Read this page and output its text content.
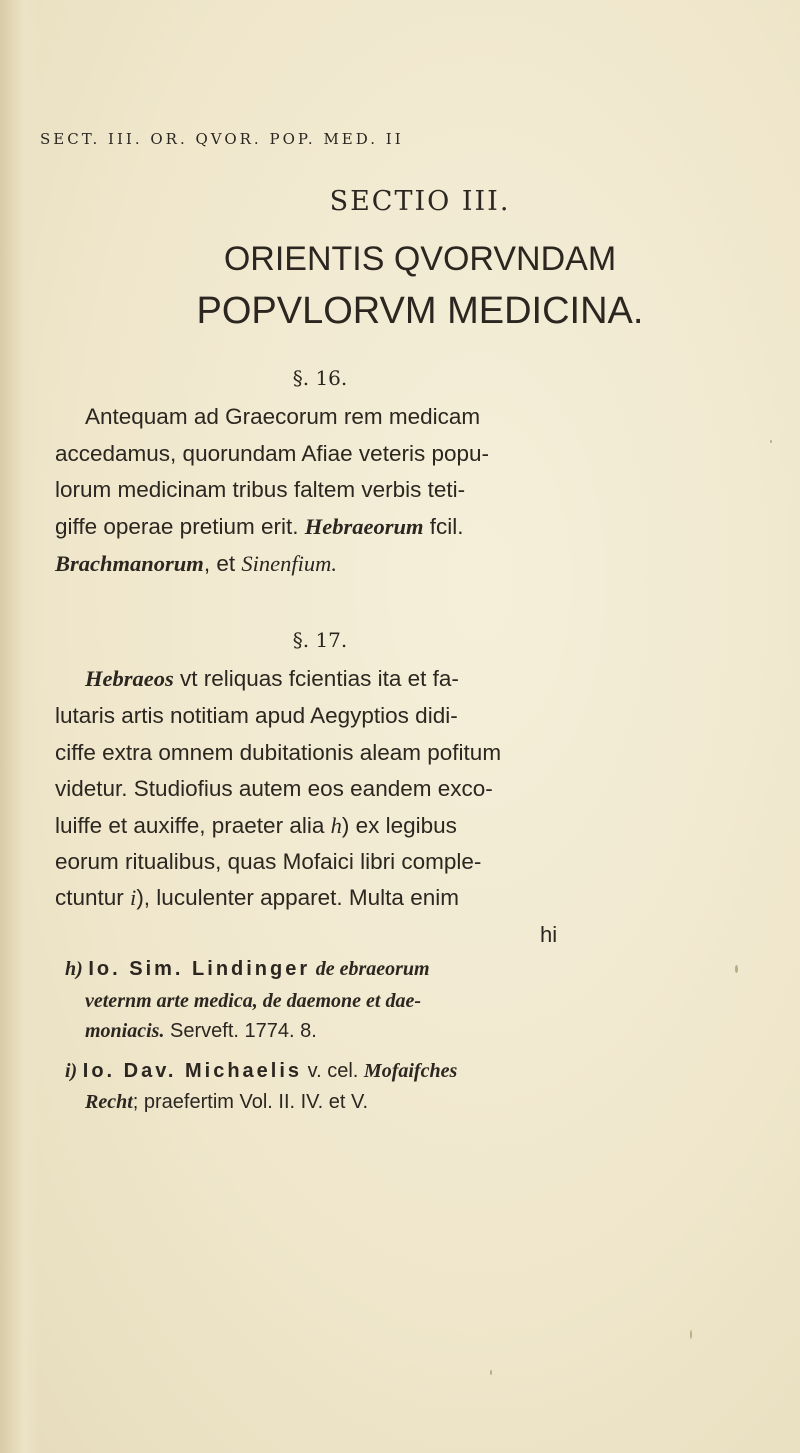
SECT. III. OR. QVOR. POP. MED. II
SECTIO III.
ORIENTIS QVORVNDAM
POPVLORVM MEDICINA.
§. 16.
Antequam ad Graecorum rem medicam
accedamus, quorundam Afiae veteris popu-
lorum medicinam tribus faltem verbis teti-
giffe operae pretium erit. Hebraeorum fcil.
Brachmanorum, et Sinenfium.
§. 17.
Hebraeos vt reliquas fcientias ita et fa-
lutaris artis notitiam apud Aegyptios didi-
ciffe extra omnem dubitationis aleam pofitum
videtur. Studiofius autem eos eandem exco-
luiffe et auxiffe, praeter alia h) ex legibus
eorum ritualibus, quas Mofaici libri comple-
ctuntur i), luculenter apparet. Multa enim
hi
h) Io. Sim. Lindinger de ebraeorum
veternm arte medica, de daemone et dae-
moniacis. Serveft. 1774. 8.
i) Io. Dav. Michaelis v. cel. Mofaifches
Recht; praefertim Vol. II. IV. et V.
